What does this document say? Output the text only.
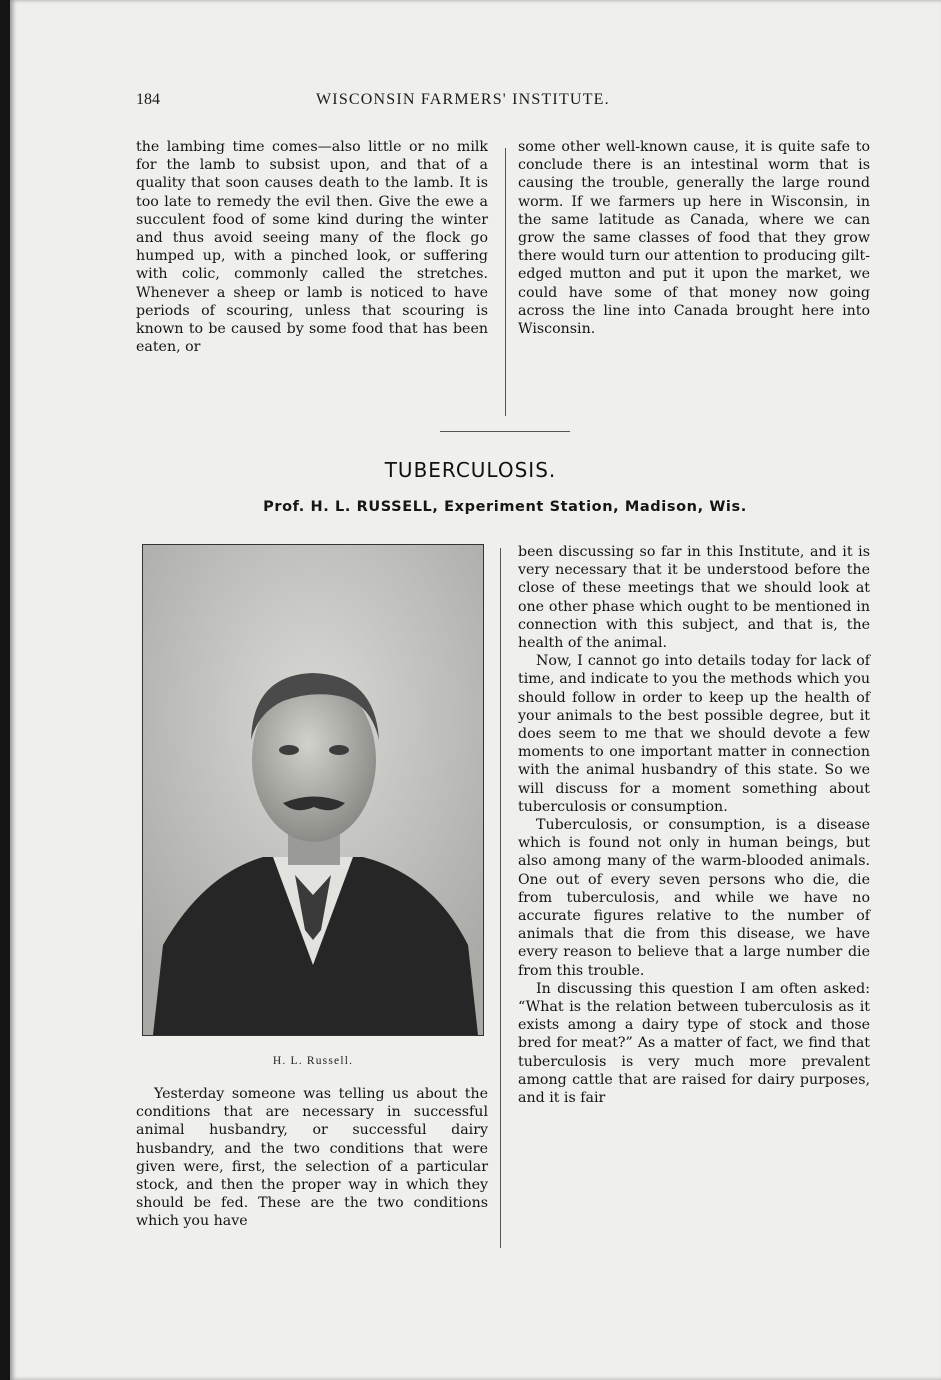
184	WISCONSIN FARMERS' INSTITUTE.

the lambing time comes—also little or no milk for the lamb to subsist upon, and that of a quality that soon causes death to the lamb. It is too late to remedy the evil then. Give the ewe a succulent food of some kind during the winter and thus avoid seeing many of the flock go humped up, with a pinched look, or suffering with colic, commonly called the stretches. Whenever a sheep or lamb is noticed to have periods of scouring, unless that scouring is known to be caused by some food that has been eaten, or

some other well-known cause, it is quite safe to conclude there is an intestinal worm that is causing the trouble, generally the large round worm. If we farmers up here in Wisconsin, in the same latitude as Canada, where we can grow the same classes of food that they grow there would turn our attention to producing gilt-edged mutton and put it upon the market, we could have some of that money now going across the line into Canada brought here into Wisconsin.

TUBERCULOSIS.
Prof. H. L. RUSSELL, Experiment Station, Madison, Wis.
H. L. Russell.

Yesterday someone was telling us about the conditions that are necessary in successful animal husbandry, or successful dairy husbandry, and the two conditions that were given were, first, the selection of a particular stock, and then the proper way in which they should be fed. These are the two conditions which you have

been discussing so far in this Institute, and it is very necessary that it be understood before the close of these meetings that we should look at one other phase which ought to be mentioned in connection with this subject, and that is, the health of the animal.

Now, I cannot go into details today for lack of time, and indicate to you the methods which you should follow in order to keep up the health of your animals to the best possible degree, but it does seem to me that we should devote a few moments to one important matter in connection with the animal husbandry of this state. So we will discuss for a moment something about tuberculosis or consumption.

Tuberculosis, or consumption, is a disease which is found not only in human beings, but also among many of the warm-blooded animals. One out of every seven persons who die, die from tuberculosis, and while we have no accurate figures relative to the number of animals that die from this disease, we have every reason to believe that a large number die from this trouble.

In discussing this question I am often asked: “What is the relation between tuberculosis as it exists among a dairy type of stock and those bred for meat?” As a matter of fact, we find that tuberculosis is very much more prevalent among cattle that are raised for dairy purposes, and it is fair
